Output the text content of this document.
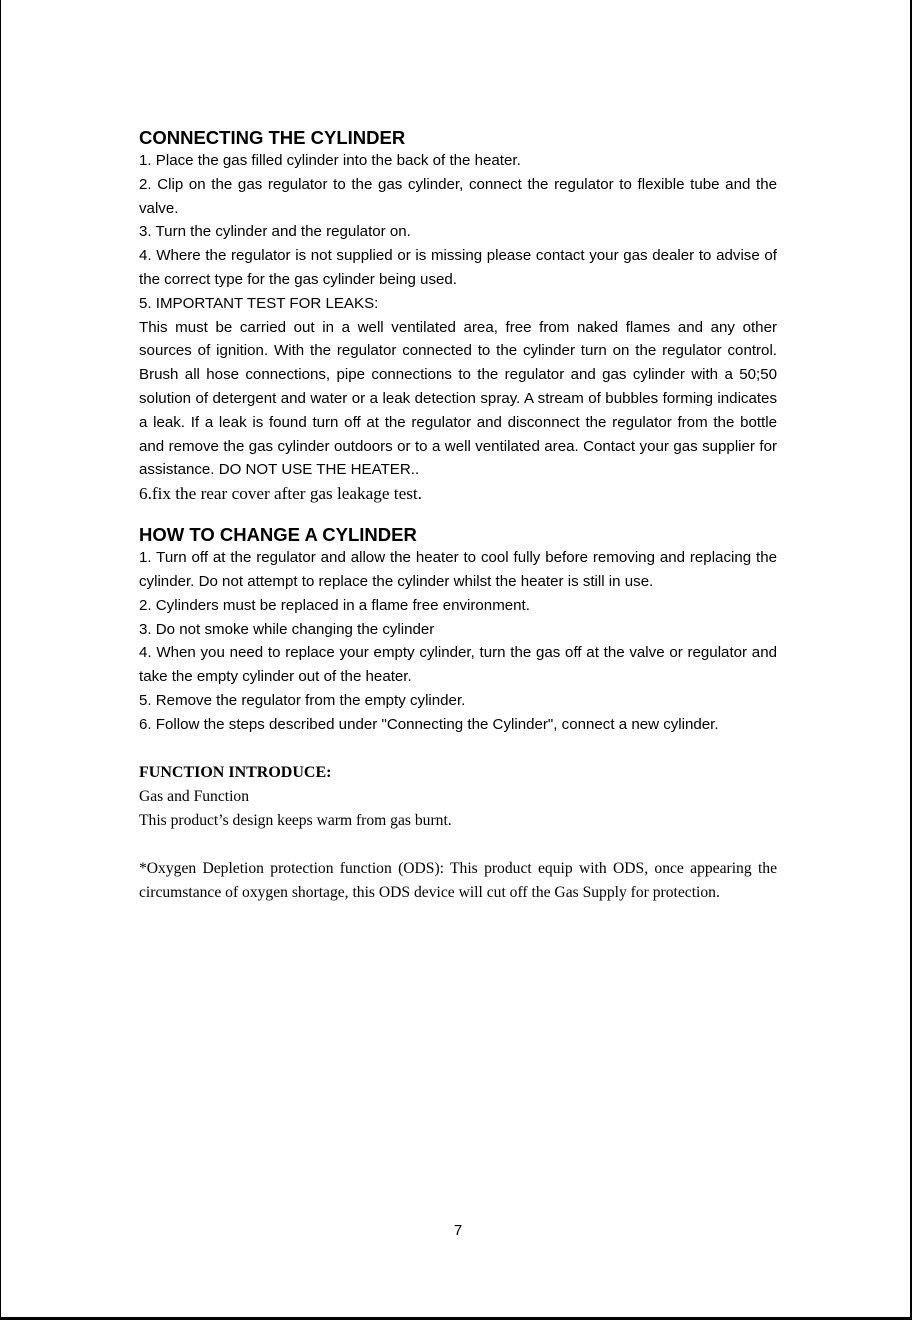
CONNECTING THE CYLINDER

1. Place the gas filled cylinder into the back of the heater.

2. Clip on the gas regulator to the gas cylinder, connect the regulator to flexible tube and the valve.

3. Turn the cylinder and the regulator on.

4. Where the regulator is not supplied or is missing please contact your gas dealer to advise of the correct type for the gas cylinder being used.

5. IMPORTANT TEST FOR LEAKS:

This must be carried out in a well ventilated area, free from naked flames and any other sources of ignition. With the regulator connected to the cylinder turn on the regulator control. Brush all hose connections, pipe connections to the regulator and gas cylinder with a 50;50 solution of detergent and water or a leak detection spray. A stream of bubbles forming indicates a leak. If a leak is found turn off at the regulator and disconnect the regulator from the bottle and remove the gas cylinder outdoors or to a well ventilated area. Contact your gas supplier for assistance. DO NOT USE THE HEATER..

6.fix the rear cover after gas leakage test.

HOW TO CHANGE A CYLINDER

1. Turn off at the regulator and allow the heater to cool fully before removing and replacing the cylinder. Do not attempt to replace the cylinder whilst the heater is still in use.

2. Cylinders must be replaced in a flame free environment.

3. Do not smoke while changing the cylinder

4. When you need to replace your empty cylinder, turn the gas off at the valve or regulator and take the empty cylinder out of the heater.

5. Remove the regulator from the empty cylinder.

6. Follow the steps described under "Connecting the Cylinder", connect a new cylinder.

FUNCTION INTRODUCE:

Gas and Function

This product’s design keeps warm from gas burnt.

*Oxygen Depletion protection function (ODS): This product equip with ODS, once appearing the circumstance of oxygen shortage, this ODS device will cut off the Gas Supply for protection.

7
